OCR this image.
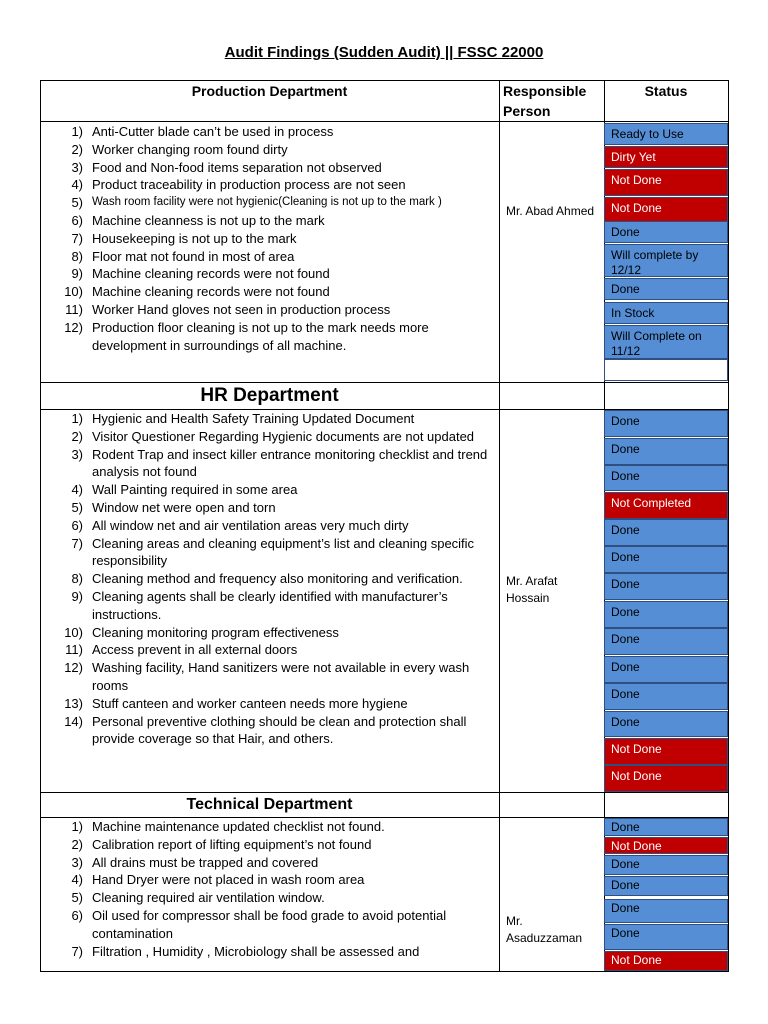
Audit Findings (Sudden Audit) || FSSC 22000
Production Department	Responsible Person
Status
HR Department
Technical Department
1) Anti-Cutter blade can’t be used in process
2) Worker changing room found dirty
3) Food and Non-food items separation not observed
4) Product traceability in production process are not seen
5) Wash room facility were not hygienic(Cleaning is not up to the mark )
6) Machine cleanness is not up to the mark
7) Housekeeping is not up to the mark
8) Floor mat not found in most of area
9) Machine cleaning records were not found
10) Machine cleaning records were not found
11) Worker Hand gloves not seen in production process
12) Production floor cleaning is not up to the mark needs more development in surroundings of all machine.
1) Hygienic and Health Safety Training Updated Document
2) Visitor Questioner Regarding Hygienic documents are not updated
3) Rodent Trap and insect killer entrance monitoring checklist and trend analysis not found
4) Wall Painting required in some area
5) Window net were open and torn
6) All window net and air ventilation areas very much dirty
7) Cleaning areas and cleaning equipment’s list and cleaning specific responsibility
8) Cleaning method and frequency also monitoring and verification.
9) Cleaning agents shall be clearly identified with manufacturer’s instructions.
10) Cleaning monitoring program effectiveness
11) Access prevent in all external doors
12) Washing facility, Hand sanitizers were not available in every wash rooms
13) Stuff canteen and worker canteen needs more hygiene
14) Personal preventive clothing should be clean and protection shall provide coverage so that Hair, and others.
1) Machine maintenance updated checklist not found.
2) Calibration report of lifting equipment’s not found
3) All drains must be trapped and covered
4) Hand Dryer were not placed in wash room area
5) Cleaning required air ventilation window.
6) Oil used for compressor shall be food grade to avoid potential contamination
7) Filtration , Humidity , Microbiology shall be assessed and
Mr. Abad Ahmed
Mr. Arafat Hossain
Mr. Asaduzzaman
Ready to Use
Dirty Yet
Not Done
Not Done
Done
Will complete by 12/12
Done
In Stock
Will Complete on 11/12
Done
Done
Done
Not Completed
Done
Done
Done
Done
Done
Done
Done
Done
Not Done
Not Done
Done
Not Done
Done
Done
Done
Done
Not Done
